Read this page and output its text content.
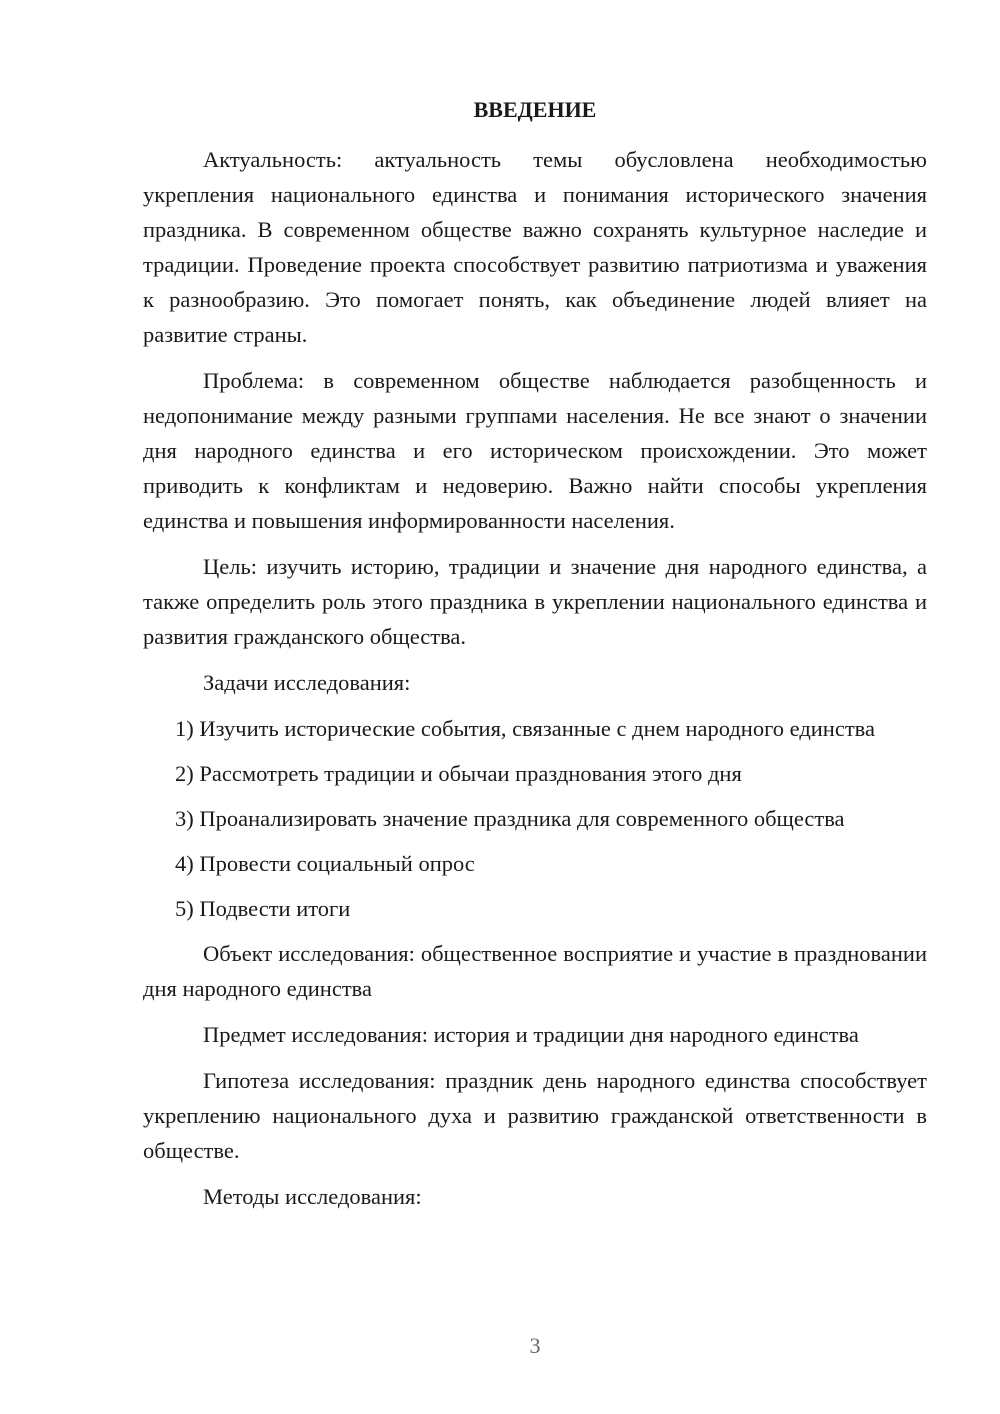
ВВЕДЕНИЕ

Актуальность: актуальность темы обусловлена необходимостью укрепления национального единства и понимания исторического значения праздника. В современном обществе важно сохранять культурное наследие и традиции. Проведение проекта способствует развитию патриотизма и уважения к разнообразию. Это помогает понять, как объединение людей влияет на развитие страны.

Проблема: в современном обществе наблюдается разобщенность и недопонимание между разными группами населения. Не все знают о значении дня народного единства и его историческом происхождении. Это может приводить к конфликтам и недоверию. Важно найти способы укрепления единства и повышения информированности населения.

Цель: изучить историю, традиции и значение дня народного единства, а также определить роль этого праздника в укреплении национального единства и развития гражданского общества.

Задачи исследования:

1) Изучить исторические события, связанные с днем народного единства

2) Рассмотреть традиции и обычаи празднования этого дня

3) Проанализировать значение праздника для современного общества

4) Провести социальный опрос

5) Подвести итоги

Объект исследования: общественное восприятие и участие в праздновании дня народного единства

Предмет исследования: история и традиции дня народного единства

Гипотеза исследования: праздник день народного единства способствует укреплению национального духа и развитию гражданской ответственности в обществе.

Методы исследования:

3
